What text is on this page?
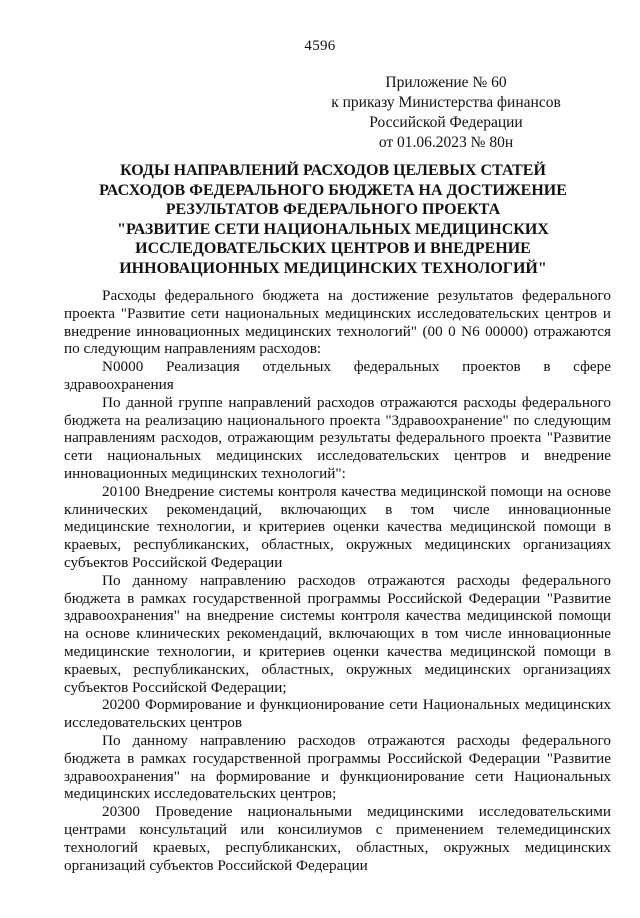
4596
Приложение № 60
к приказу Министерства финансов
Российской Федерации
от 01.06.2023 № 80н
КОДЫ НАПРАВЛЕНИЙ РАСХОДОВ ЦЕЛЕВЫХ СТАТЕЙ
РАСХОДОВ ФЕДЕРАЛЬНОГО БЮДЖЕТА НА ДОСТИЖЕНИЕ
РЕЗУЛЬТАТОВ ФЕДЕРАЛЬНОГО ПРОЕКТА
"РАЗВИТИЕ СЕТИ НАЦИОНАЛЬНЫХ МЕДИЦИНСКИХ
ИССЛЕДОВАТЕЛЬСКИХ ЦЕНТРОВ И ВНЕДРЕНИЕ
ИННОВАЦИОННЫХ МЕДИЦИНСКИХ ТЕХНОЛОГИЙ"

Расходы федерального бюджета на достижение результатов федерального проекта "Развитие сети национальных медицинских исследовательских центров и внедрение инновационных медицинских технологий" (00 0 N6 00000) отражаются по следующим направлениям расходов:

N0000 Реализация отдельных федеральных проектов в сфере здравоохранения

По данной группе направлений расходов отражаются расходы федерального бюджета на реализацию национального проекта "Здравоохранение" по следующим направлениям расходов, отражающим результаты федерального проекта "Развитие сети национальных медицинских исследовательских центров и внедрение инновационных медицинских технологий":

20100 Внедрение системы контроля качества медицинской помощи на основе клинических рекомендаций, включающих в том числе инновационные медицинские технологии, и критериев оценки качества медицинской помощи в краевых, республиканских, областных, окружных медицинских организациях субъектов Российской Федерации

По данному направлению расходов отражаются расходы федерального бюджета в рамках государственной программы Российской Федерации "Развитие здравоохранения" на внедрение системы контроля качества медицинской помощи на основе клинических рекомендаций, включающих в том числе инновационные медицинские технологии, и критериев оценки качества медицинской помощи в краевых, республиканских, областных, окружных медицинских организациях субъектов Российской Федерации;

20200 Формирование и функционирование сети Национальных медицинских исследовательских центров

По данному направлению расходов отражаются расходы федерального бюджета в рамках государственной программы Российской Федерации "Развитие здравоохранения" на формирование и функционирование сети Национальных медицинских исследовательских центров;

20300 Проведение национальными медицинскими исследовательскими центрами консультаций или консилиумов с применением телемедицинских технологий краевых, республиканских, областных, окружных медицинских организаций субъектов Российской Федерации
